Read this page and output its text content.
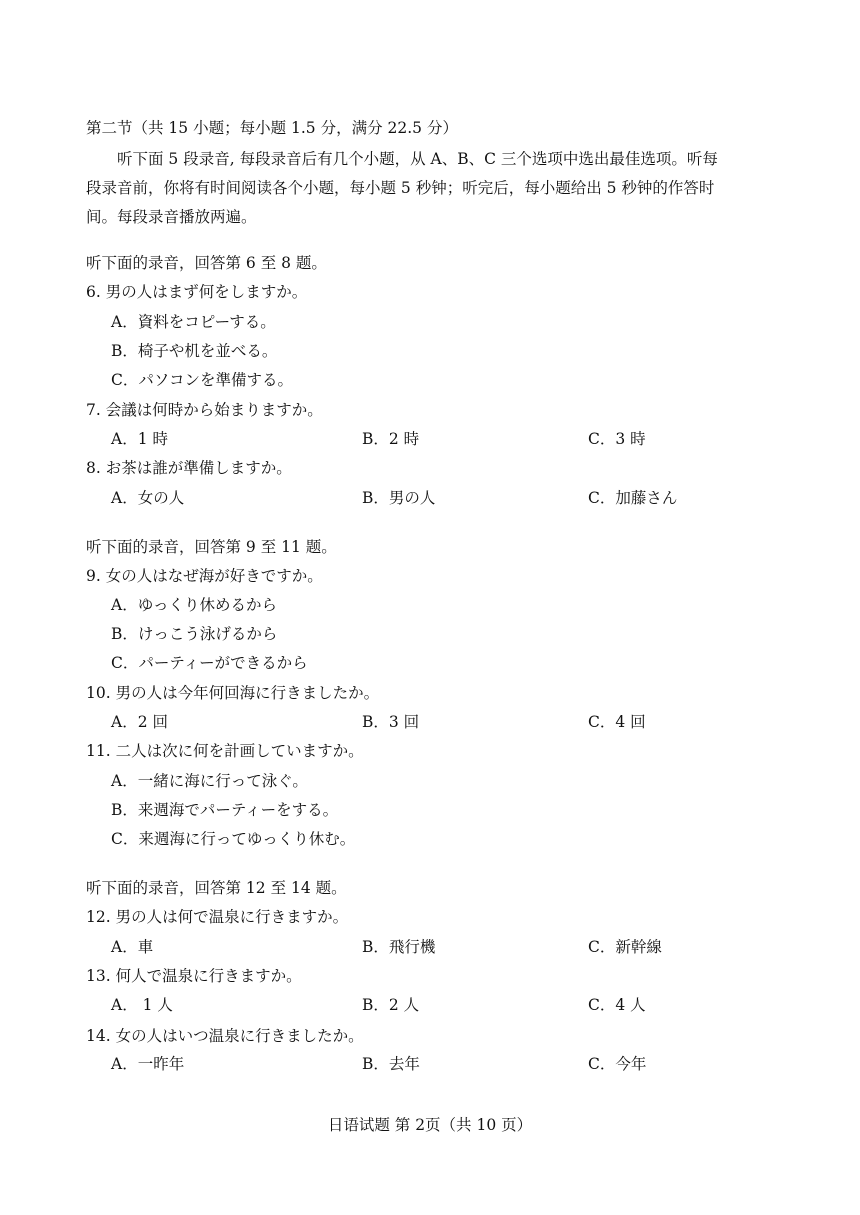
第二节（共 15 小题；每小题 1.5 分，满分 22.5 分）
听下面 5 段录音, 每段录音后有几个小题，从 A、B、C 三个选项中选出最佳选项。听每
段录音前，你将有时间阅读各个小题，每小题 5 秒钟；听完后，每小题给出 5 秒钟的作答时
间。每段录音播放两遍。
听下面的录音，回答第 6 至 8 题。
6. 男の人はまず何をしますか。
A．資料をコピーする。
B．椅子や机を並べる。
C．パソコンを準備する。
7. 会議は何時から始まりますか。
A．1 時	B．2 時	C．3 時
8. お茶は誰が準備しますか。
A．女の人	B．男の人	C．加藤さん
听下面的录音，回答第 9 至 11 题。
9. 女の人はなぜ海が好きですか。
A．ゆっくり休めるから
B．けっこう泳げるから
C．パーティーができるから
10. 男の人は今年何回海に行きましたか。
A．2 回	B．3 回	C．4 回
11. 二人は次に何を計画していますか。
A．一緒に海に行って泳ぐ。
B．来週海でパーティーをする。
C．来週海に行ってゆっくり休む。
听下面的录音，回答第 12 至 14 题。
12. 男の人は何で温泉に行きますか。
A．車	B．飛行機	C．新幹線
13. 何人で温泉に行きますか。
A． 1 人	B．2 人	C．4 人
14. 女の人はいつ温泉に行きましたか。
A．一昨年	B．去年	C．今年
日语试题 第 2页（共 10 页）
